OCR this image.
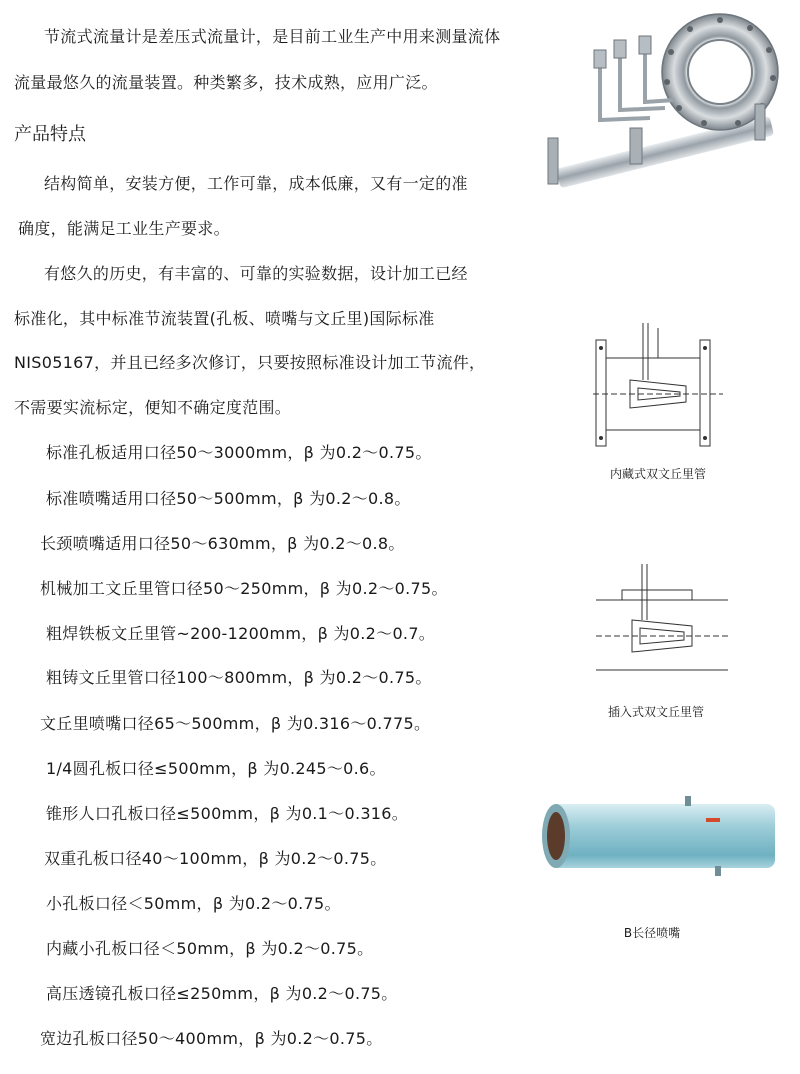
节流式流量计是差压式流量计，是目前工业生产中用来测量流体
流量最悠久的流量装置。种类繁多，技术成熟，应用广泛。
产品特点
结构简单，安装方便，工作可靠，成本低廉，又有一定的准
确度，能满足工业生产要求。
有悠久的历史，有丰富的、可靠的实验数据，设计加工已经
标准化，其中标准节流装置(孔板、喷嘴与文丘里)国际标准
NIS05167，并且已经多次修订，只要按照标准设计加工节流件，
不需要实流标定，便知不确定度范围。
标准孔板适用口径50～3000mm，β 为0.2～0.75。
标准喷嘴适用口径50～500mm，β 为0.2～0.8。
长颈喷嘴适用口径50～630mm，β 为0.2～0.8。
机械加工文丘里管口径50～250mm，β 为0.2～0.75。
粗焊铁板文丘里管~200-1200mm，β 为0.2～0.7。
粗铸文丘里管口径100～800mm，β 为0.2～0.75。
文丘里喷嘴口径65～500mm，β 为0.316～0.775。
1/4圆孔板口径≤500mm，β 为0.245～0.6。
锥形人口孔板口径≤500mm，β 为0.1～0.316。
双重孔板口径40～100mm，β 为0.2～0.75。
小孔板口径＜50mm，β 为0.2～0.75。
内藏小孔板口径＜50mm，β 为0.2～0.75。
高压透镜孔板口径≤250mm，β 为0.2～0.75。
宽边孔板口径50～400mm，β 为0.2～0.75。
内藏式双文丘里管
插入式双文丘里管
B长径喷嘴
